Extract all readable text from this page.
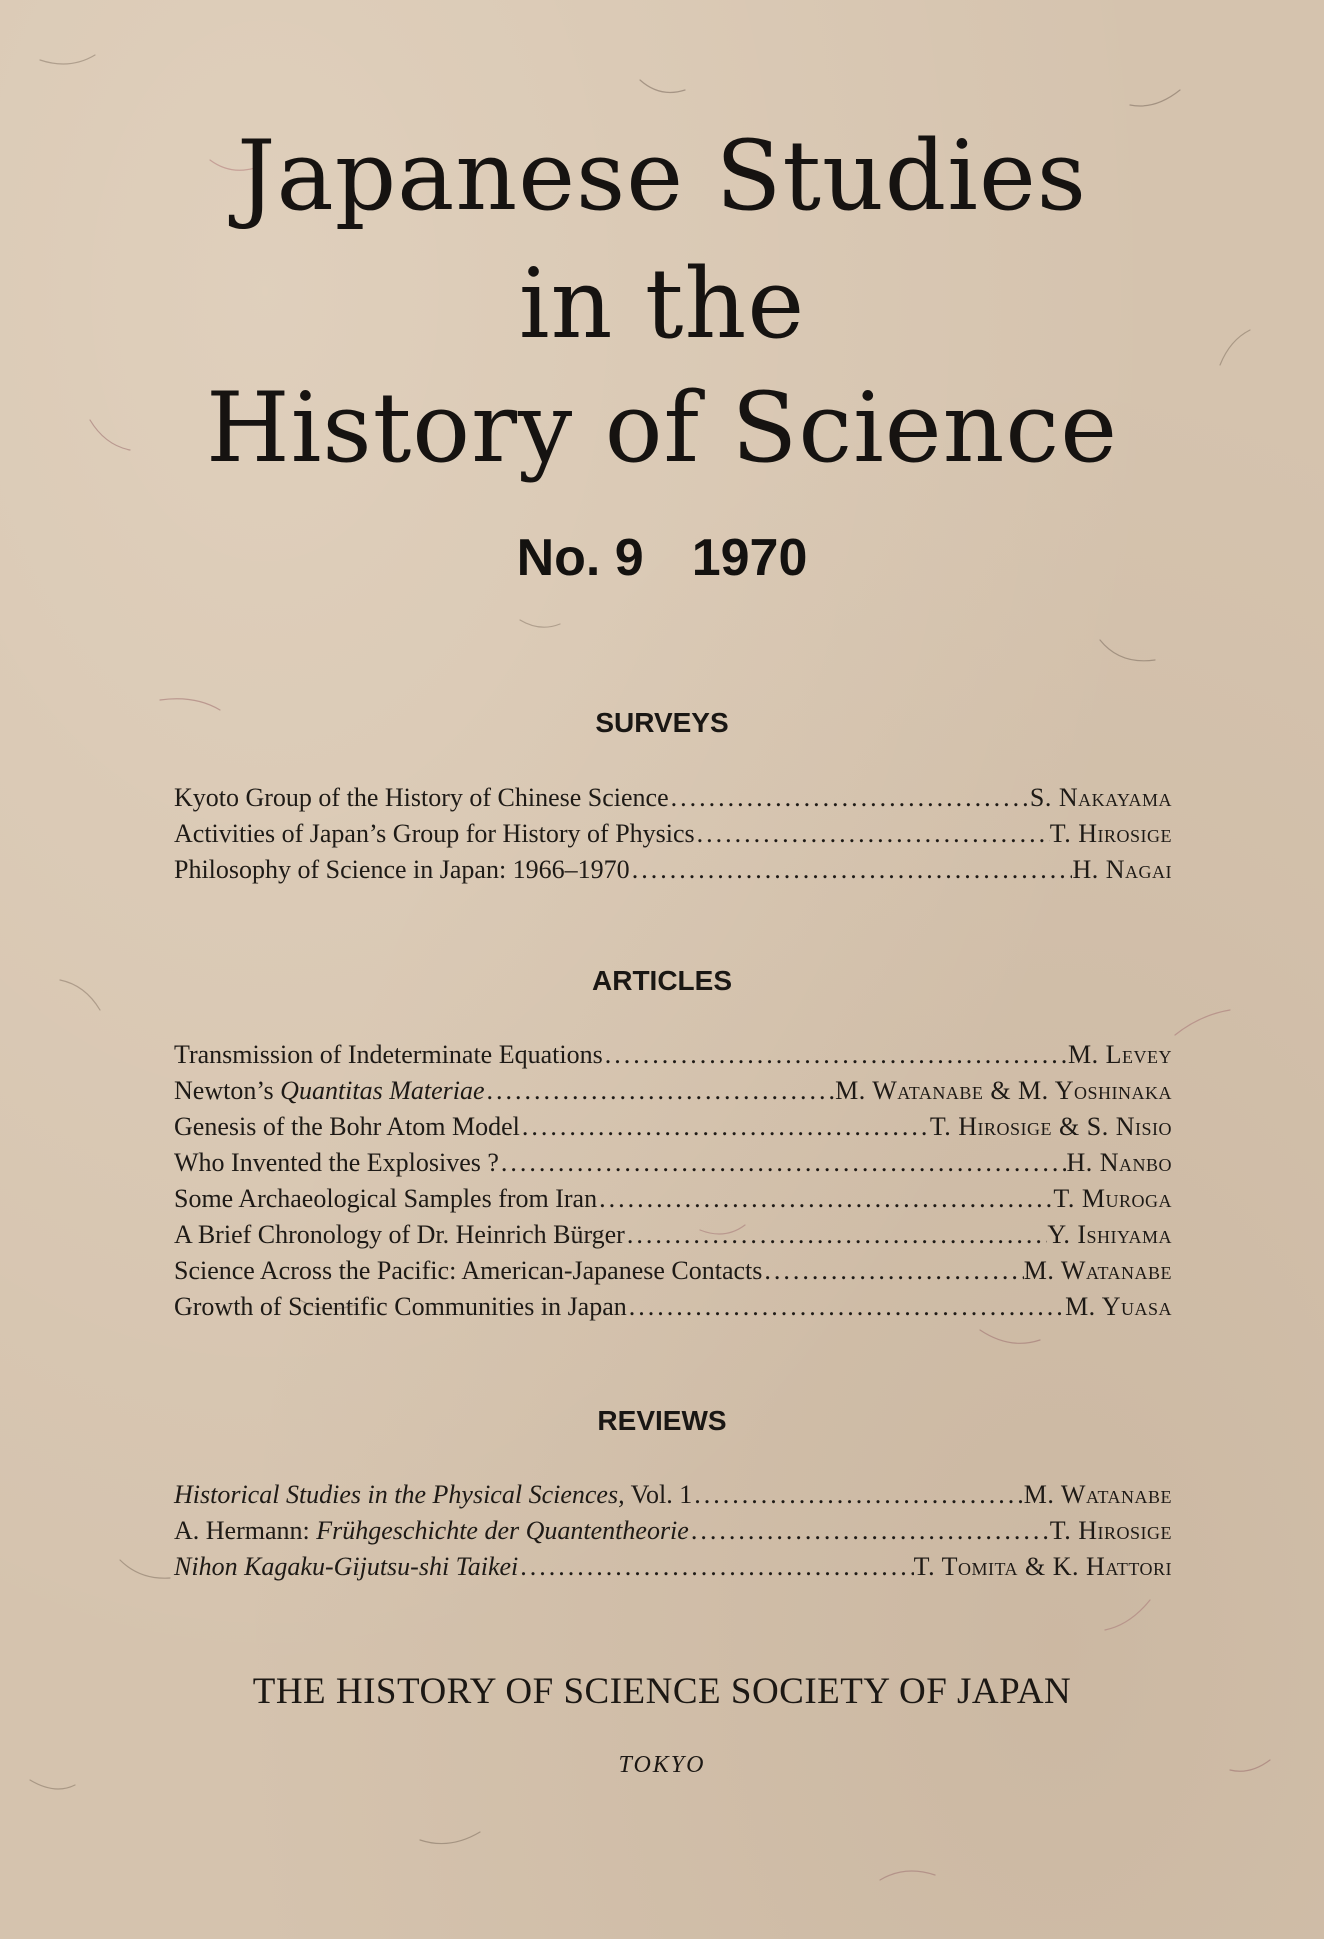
Japanese Studies
in the
History of Science
No. 9 1970
SURVEYS
Kyoto Group of the History of Chinese Science .....	S. Nakayama
Activities of Japan’s Group for History of Physics .....	T. Hirosige
Philosophy of Science in Japan: 1966–1970 .....	H. Nagai
ARTICLES
Transmission of Indeterminate Equations .....	M. Levey
Newton’s Quantitas Materiae .....	M. Watanabe & M. Yoshinaka
Genesis of the Bohr Atom Model .....	T. Hirosige & S. Nisio
Who Invented the Explosives ? .....	H. Nanbo
Some Archaeological Samples from Iran .....	T. Muroga
A Brief Chronology of Dr. Heinrich Bürger .....	Y. Ishiyama
Science Across the Pacific: American-Japanese Contacts .....	M. Watanabe
Growth of Scientific Communities in Japan .....	M. Yuasa
REVIEWS
Historical Studies in the Physical Sciences, Vol. 1 .....	M. Watanabe
A. Hermann: Frühgeschichte der Quantentheorie .....	T. Hirosige
Nihon Kagaku-Gijutsu-shi Taikei .....	T. Tomita & K. Hattori
THE HISTORY OF SCIENCE SOCIETY OF JAPAN
TOKYO
